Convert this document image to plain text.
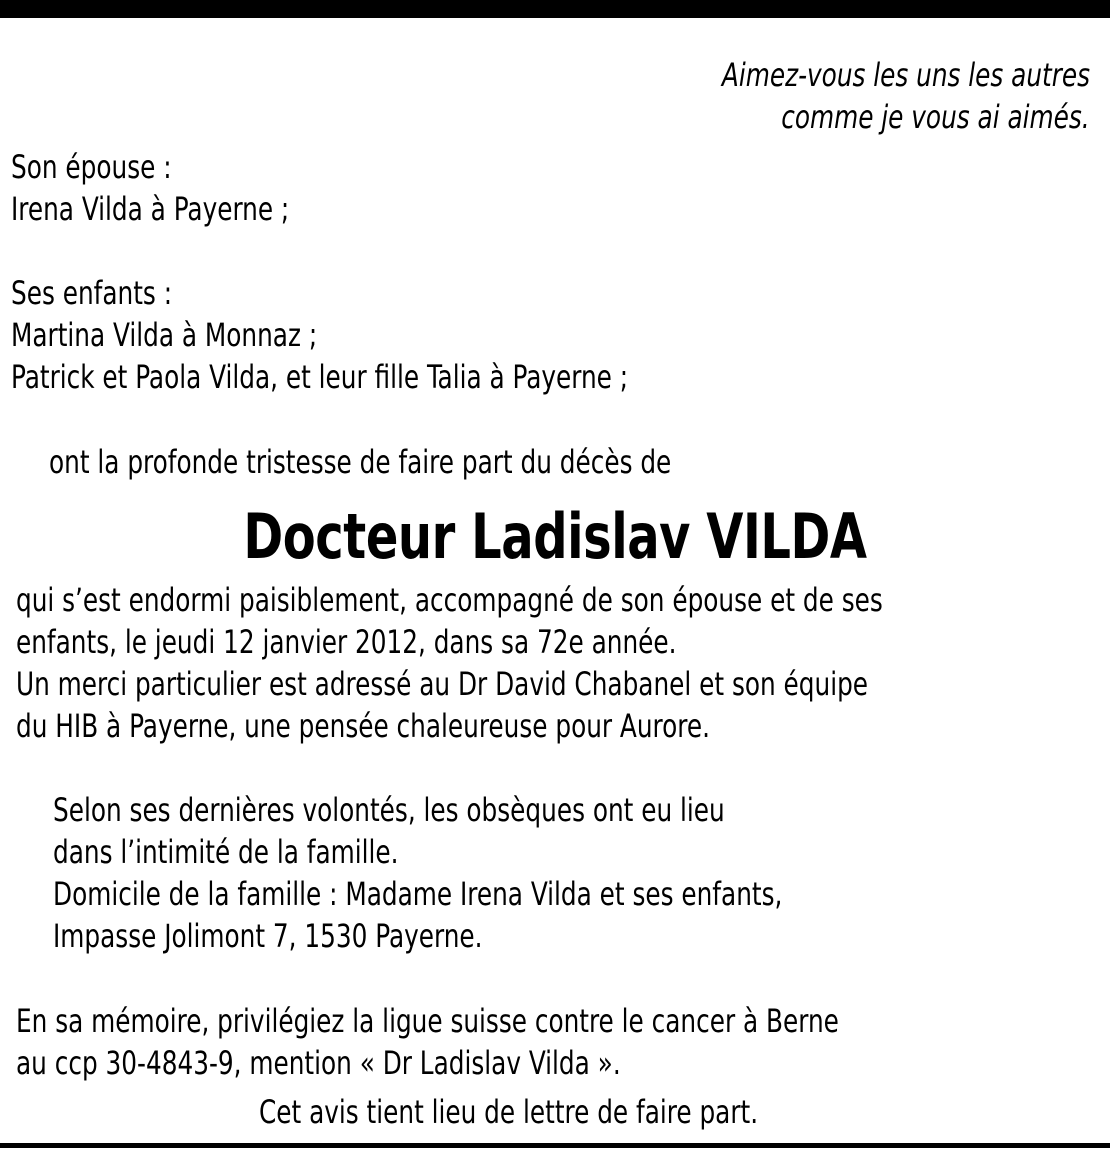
Aimez-vous les uns les autres
comme je vous ai aimés.
Son épouse :
Irena Vilda à Payerne ;
Ses enfants :
Martina Vilda à Monnaz ;
Patrick et Paola Vilda, et leur fille Talia à Payerne ;
ont la profonde tristesse de faire part du décès de
Docteur Ladislav VILDA
qui s’est endormi paisiblement, accompagné de son épouse et de ses
enfants, le jeudi 12 janvier 2012, dans sa 72e année.
Un merci particulier est adressé au Dr David Chabanel et son équipe
du HIB à Payerne, une pensée chaleureuse pour Aurore.
Selon ses dernières volontés, les obsèques ont eu lieu
dans l’intimité de la famille.
Domicile de la famille : Madame Irena Vilda et ses enfants,
Impasse Jolimont 7, 1530 Payerne.
En sa mémoire, privilégiez la ligue suisse contre le cancer à Berne
au ccp 30-4843-9, mention « Dr Ladislav Vilda ».
Cet avis tient lieu de lettre de faire part.
